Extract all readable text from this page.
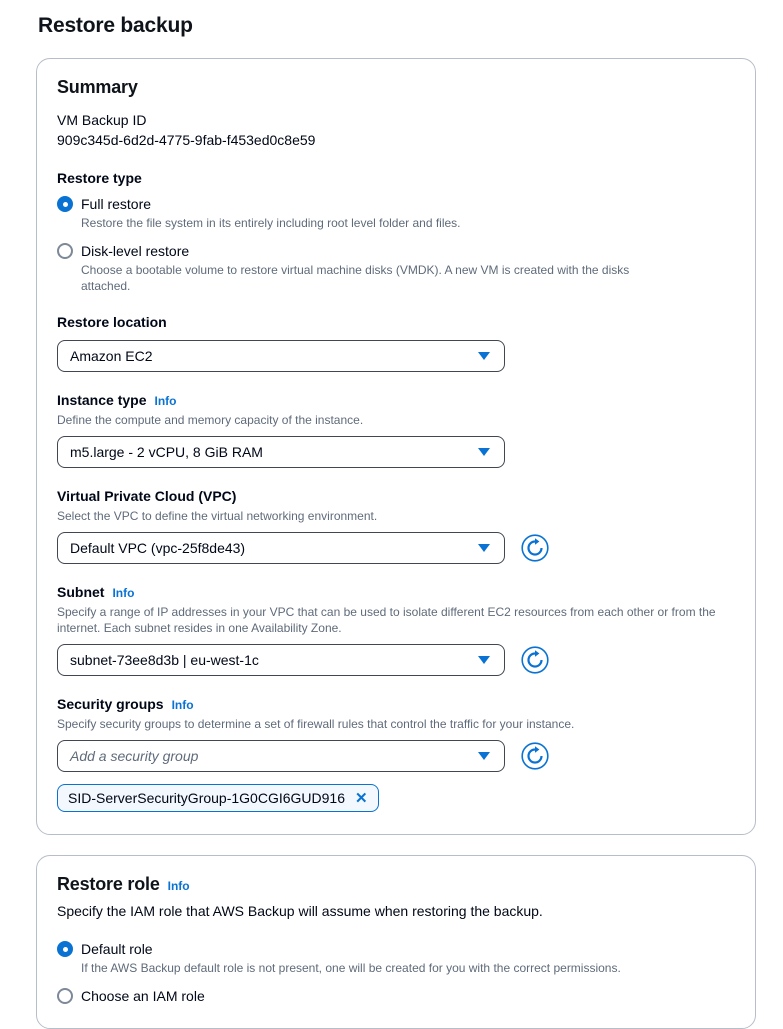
Restore backup
Summary
VM Backup ID
909c345d-6d2d-4775-9fab-f453ed0c8e59
Restore type
Full restore
Restore the file system in its entirely including root level folder and files.
Disk-level restore
Choose a bootable volume to restore virtual machine disks (VMDK). A new VM is created with the disks attached.
Restore location
Amazon EC2
Instance type Info
Define the compute and memory capacity of the instance.
m5.large - 2 vCPU, 8 GiB RAM
Virtual Private Cloud (VPC)
Select the VPC to define the virtual networking environment.
Default VPC (vpc-25f8de43)
Subnet Info
Specify a range of IP addresses in your VPC that can be used to isolate different EC2 resources from each other or from the internet. Each subnet resides in one Availability Zone.
subnet-73ee8d3b | eu-west-1c
Security groups Info
Specify security groups to determine a set of firewall rules that control the traffic for your instance.
Add a security group
SID-ServerSecurityGroup-1G0CGI6GUD916 ✕
Restore role Info
Specify the IAM role that AWS Backup will assume when restoring the backup.
Default role
If the AWS Backup default role is not present, one will be created for you with the correct permissions.
Choose an IAM role
